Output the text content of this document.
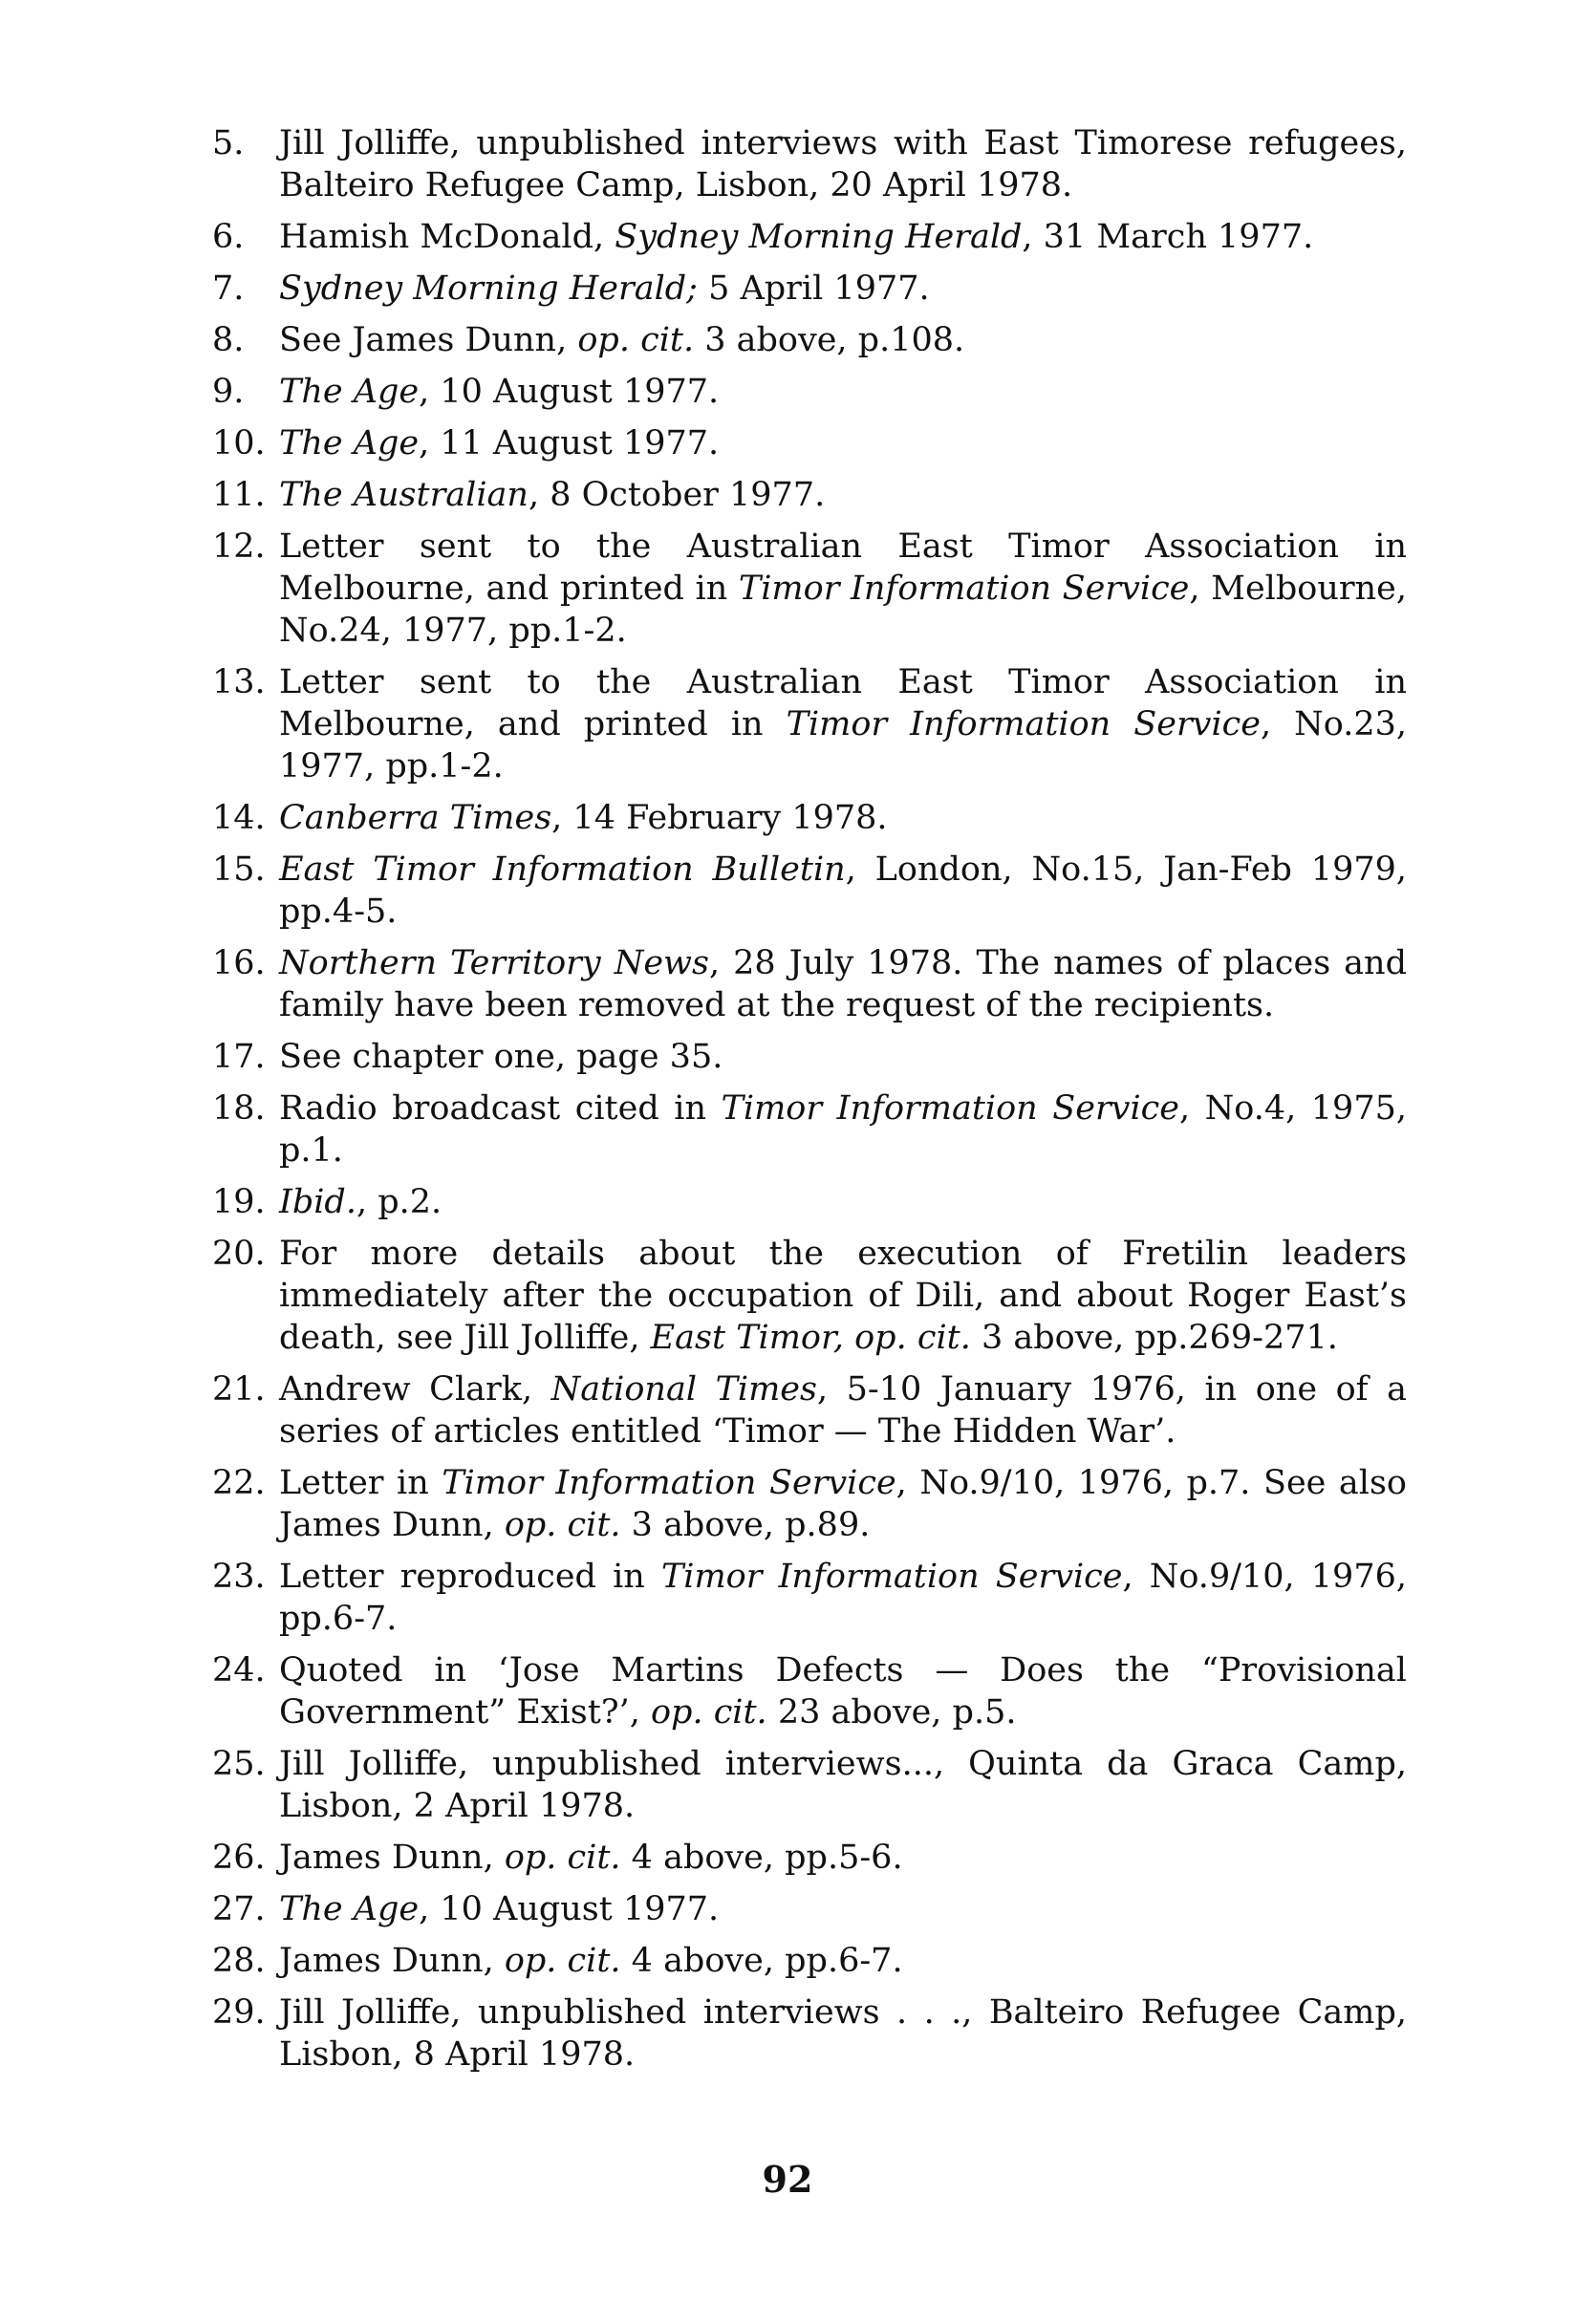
5.	Jill Jolliffe, unpublished interviews with East Timorese refugees, Balteiro Refugee Camp, Lisbon, 20 April 1978.
6.	Hamish McDonald, Sydney Morning Herald, 31 March 1977.
7.	Sydney Morning Herald; 5 April 1977.
8.	See James Dunn, op. cit. 3 above, p.108.
9.	The Age, 10 August 1977.
10. The Age, 11 August 1977.
11. The Australian, 8 October 1977.
12. Letter sent to the Australian East Timor Association in Melbourne, and printed in Timor Information Service, Melbourne, No.24, 1977, pp.1-2.
13. Letter sent to the Australian East Timor Association in Melbourne, and printed in Timor Information Service, No.23, 1977, pp.1-2.
14. Canberra Times, 14 February 1978.
15. East Timor Information Bulletin, London, No.15, Jan-Feb 1979, pp.4-5.
16. Northern Territory News, 28 July 1978. The names of places and family have been removed at the request of the recipients.
17. See chapter one, page 35.
18. Radio broadcast cited in Timor Information Service, No.4, 1975, p.1.
19. Ibid., p.2.
20. For more details about the execution of Fretilin leaders immediately after the occupation of Dili, and about Roger East’s death, see Jill Jolliffe, East Timor, op. cit. 3 above, pp.269-271.
21. Andrew Clark, National Times, 5-10 January 1976, in one of a series of articles entitled ‘Timor — The Hidden War’.
22. Letter in Timor Information Service, No.9/10, 1976, p.7. See also James Dunn, op. cit. 3 above, p.89.
23. Letter reproduced in Timor Information Service, No.9/10, 1976, pp.6-7.
24. Quoted in ‘Jose Martins Defects — Does the “Provisional Government” Exist?’, op. cit. 23 above, p.5.
25. Jill Jolliffe, unpublished interviews..., Quinta da Graca Camp, Lisbon, 2 April 1978.
26. James Dunn, op. cit. 4 above, pp.5-6.
27. The Age, 10 August 1977.
28. James Dunn, op. cit. 4 above, pp.6-7.
29. Jill Jolliffe, unpublished interviews . . ., Balteiro Refugee Camp, Lisbon, 8 April 1978.
92
